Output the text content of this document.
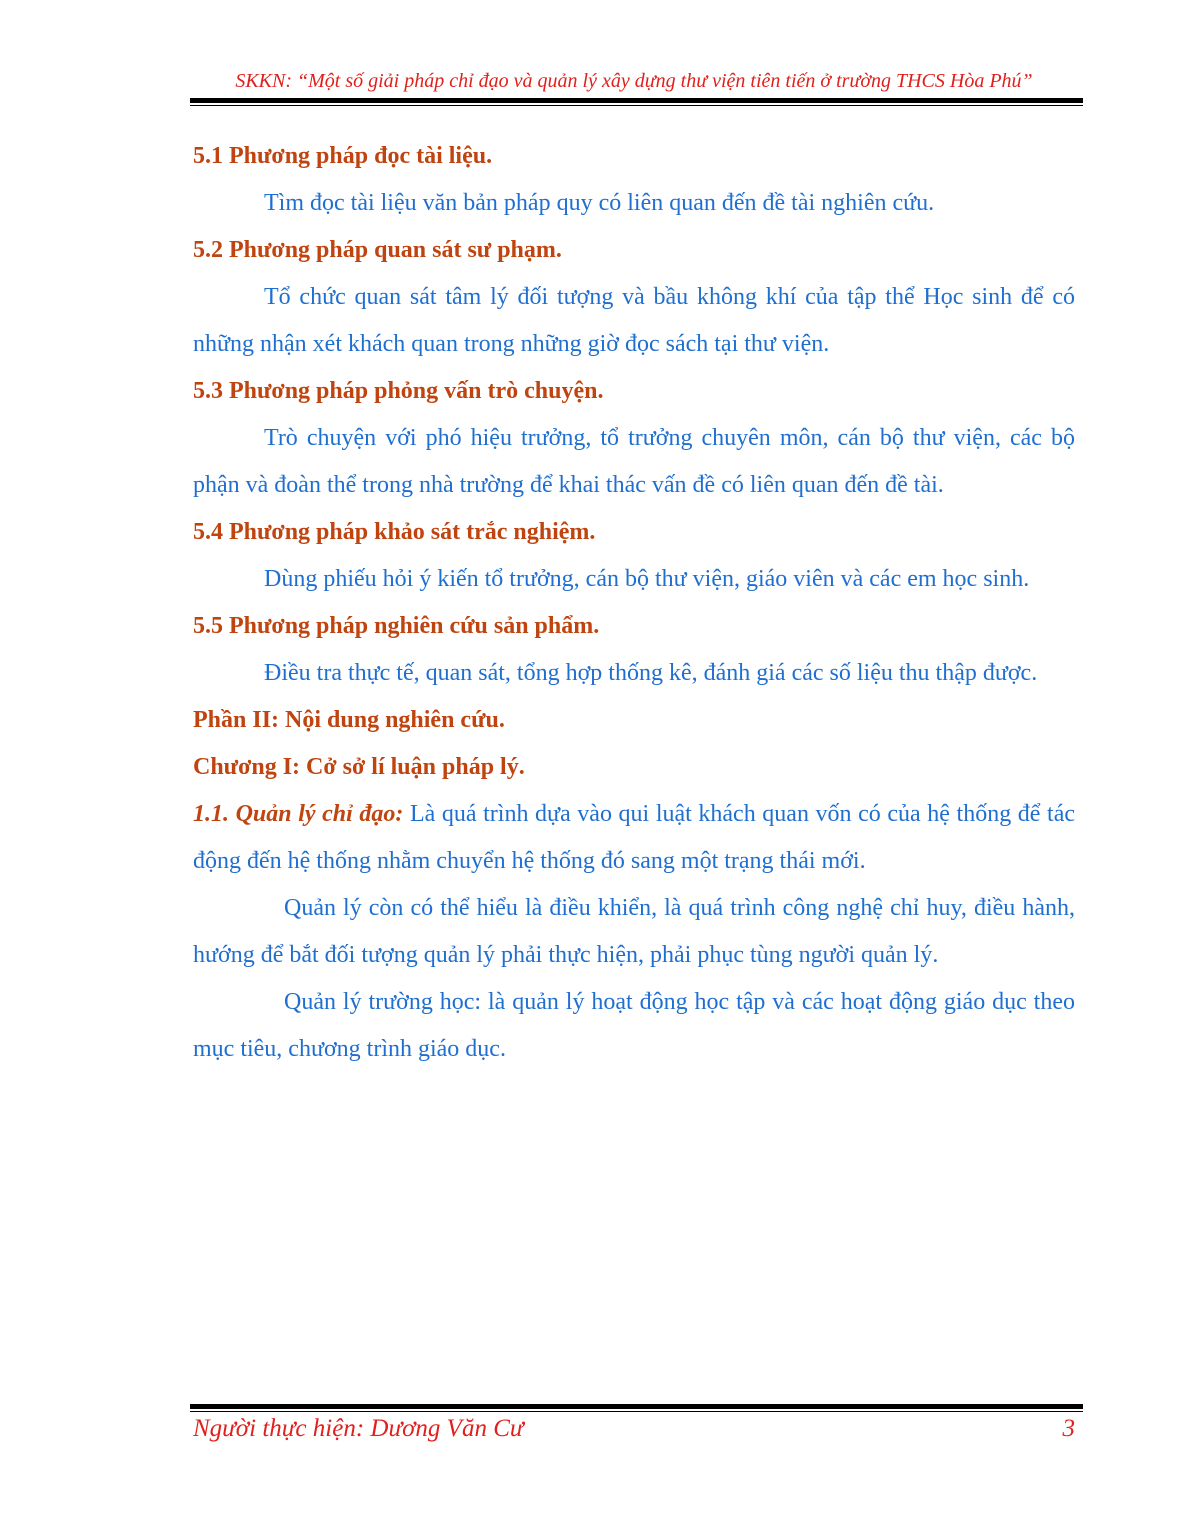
SKKN: “Một số giải pháp chỉ đạo và quản lý xây dựng thư viện tiên tiến ở trường THCS Hòa Phú”

5.1 Phương pháp đọc tài liệu.

Tìm đọc tài liệu văn bản pháp quy có liên quan đến đề tài nghiên cứu.

5.2 Phương pháp quan sát sư phạm.

Tổ chức quan sát tâm lý đối tượng và bầu không khí của tập thể Học sinh để có những nhận xét khách quan trong những giờ đọc sách tại thư viện.

5.3 Phương pháp phỏng vấn trò chuyện.

Trò chuyện với phó hiệu trưởng, tổ trưởng chuyên môn, cán bộ thư viện, các bộ phận và đoàn thể trong nhà trường để khai thác vấn đề có liên quan đến đề tài.

5.4 Phương pháp khảo sát trắc nghiệm.

Dùng phiếu hỏi ý kiến tổ trưởng, cán bộ thư viện, giáo viên và các em học sinh.

5.5 Phương pháp nghiên cứu sản phẩm.

Điều tra thực tế, quan sát, tổng hợp thống kê, đánh giá các số liệu thu thập được.

Phần II: Nội dung nghiên cứu.

Chương I: Cở sở lí luận pháp lý.

1.1. Quản lý chỉ đạo: Là quá trình dựa vào qui luật khách quan vốn có của hệ thống để tác động đến hệ thống nhằm chuyển hệ thống đó sang một trạng thái mới.

Quản lý còn có thể hiểu là điều khiển, là quá trình công nghệ chỉ huy, điều hành, hướng để bắt đối tượng quản lý phải thực hiện, phải phục tùng người quản lý.

Quản lý trường học: là quản lý hoạt động học tập và các hoạt động giáo dục theo mục tiêu, chương trình giáo dục.

Người thực hiện: Dương Văn Cư	3
